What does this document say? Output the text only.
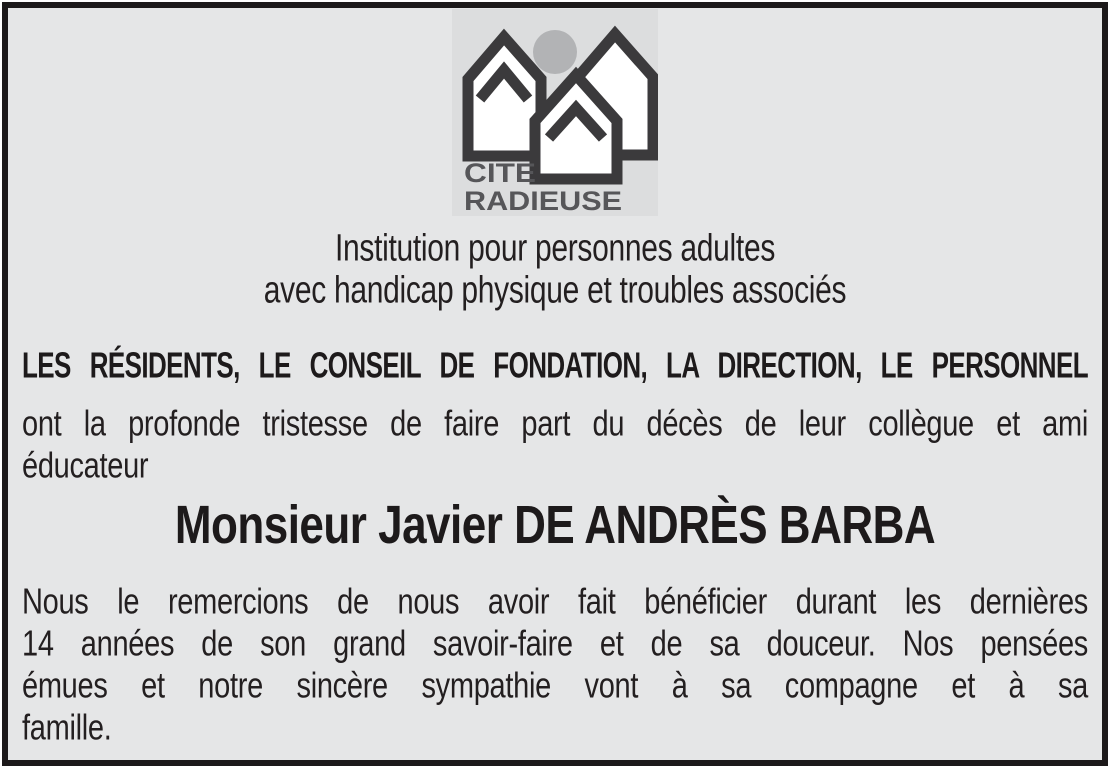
CITE
RADIEUSE
Institution pour personnes adultes
avec handicap physique et troubles associés
LES RÉSIDENTS, LE CONSEIL DE FONDATION, LA DIRECTION, LE PERSONNEL
ont la profonde tristesse de faire part du décès de leur collègue et ami
éducateur
Monsieur Javier DE ANDRÈS BARBA
Nous le remercions de nous avoir fait bénéficier durant les dernières
14 années de son grand savoir-faire et de sa douceur. Nos pensées
émues et notre sincère sympathie vont à sa compagne et à sa
famille.
